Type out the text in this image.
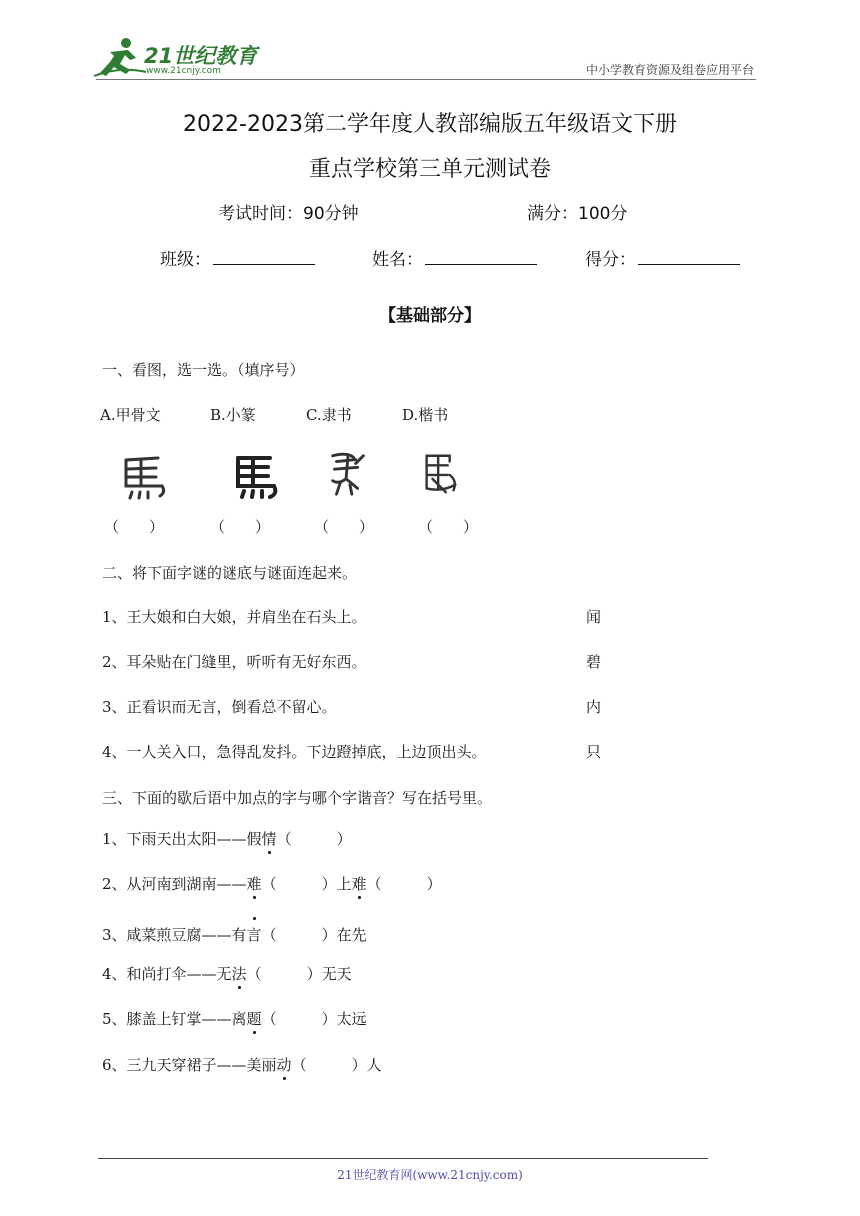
21世纪教育
www.21cnjy.com	中小学教育资源及组卷应用平台
2022-2023第二学年度人教部编版五年级语文下册
重点学校第三单元测试卷
考试时间：90分钟	满分：100分
班级：	姓名：	得分：
【基础部分】
一、看图，选一选。（填序号）
A.甲骨文	B.小篆	C.隶书	D.楷书
（　　）	（　　）	（　　）	（　　）
二、将下面字谜的谜底与谜面连起来。
1、王大娘和白大娘，并肩坐在石头上。	闻
2、耳朵贴在门缝里，听听有无好东西。	碧
3、正看识而无言，倒看总不留心。	内
4、一人关入口，急得乱发抖。下边蹬掉底，上边顶出头。	只
三、下面的歇后语中加点的字与哪个字谐音？写在括号里。
1、下雨天出太阳——假情（　　　）
2、从河南到湖南——难（　　　）上难（　　　）
3、咸菜煎豆腐——有言
（　　　）在先
4、和尚打伞——无法（　　　）无天
5、膝盖上钉掌——离题（　　　）太远
6、三九天穿裙子——美丽动（　　　）人
21世纪教育网(www.21cnjy.com)
